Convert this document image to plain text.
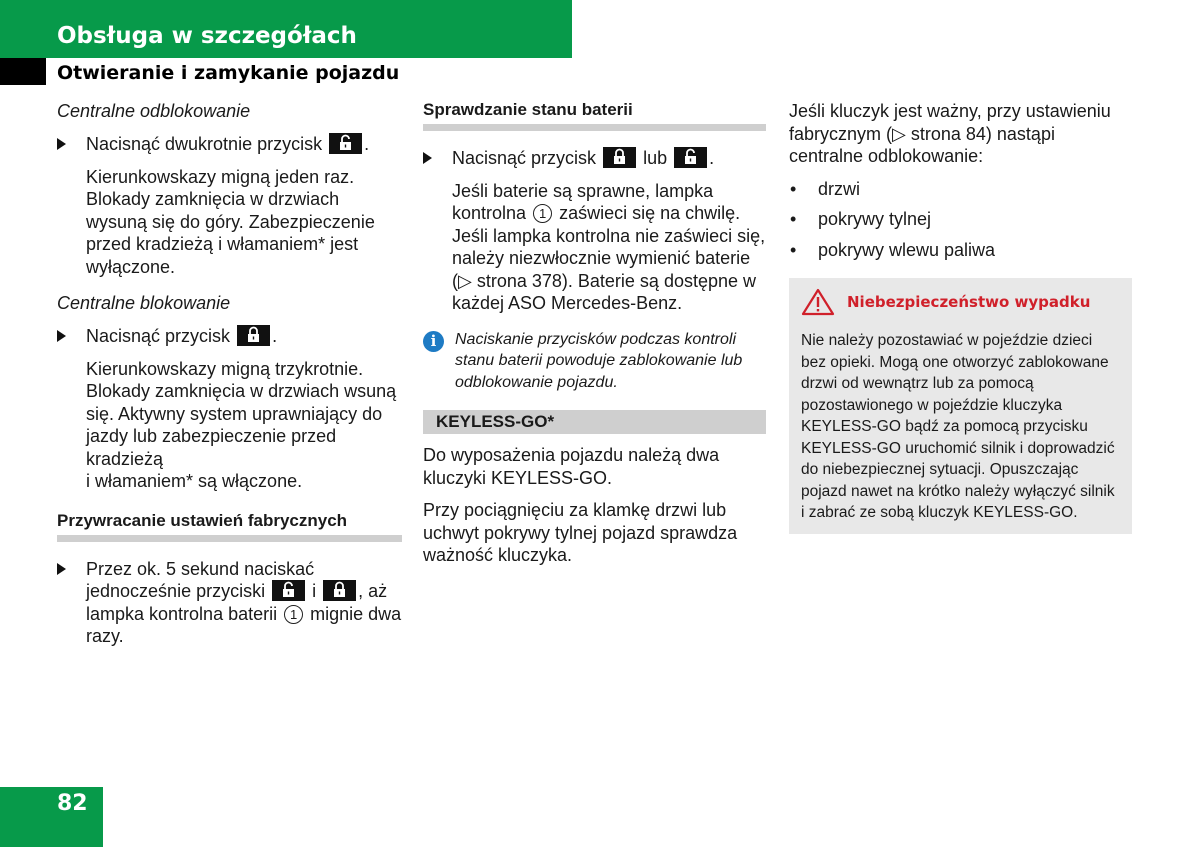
Obsługa w szczegółach
Otwieranie i zamykanie pojazdu
Centralne odblokowanie
Nacisnąć dwukrotnie przycisk .
Kierunkowskazy migną jeden raz. Blokady zamknięcia w drzwiach wysuną się do góry. Zabezpieczenie przed kradzieżą i włamaniem* jest wyłączone.
Centralne blokowanie
Nacisnąć przycisk .
Kierunkowskazy migną trzykrotnie. Blokady zamknięcia w drzwiach wsuną się. Aktywny system uprawniający do jazdy lub zabezpieczenie przed kradzieżą
i włamaniem* są włączone.
Przywracanie ustawień fabrycznych
Przez ok. 5 sekund naciskać jednocześnie przyciski	i , aż lampka kontrolna baterii 1 mignie dwa razy.
Sprawdzanie stanu baterii
Nacisnąć przycisk	lub .
Jeśli baterie są sprawne, lampka kontrolna 1 zaświeci się na chwilę. Jeśli lampka kontrolna nie zaświeci się, należy niezwłocznie wymienić baterie (▷ strona 378). Baterie są dostępne w każdej ASO Mercedes-Benz.
i	Naciskanie przycisków podczas kontroli stanu baterii powoduje zablokowanie lub odblokowanie pojazdu.
KEYLESS-GO*
Do wyposażenia pojazdu należą dwa kluczyki KEYLESS-GO.
Przy pociągnięciu za klamkę drzwi lub uchwyt pokrywy tylnej pojazd sprawdza ważność kluczyka.
Jeśli kluczyk jest ważny, przy ustawieniu fabrycznym (▷ strona 84) nastąpi centralne odblokowanie:
• drzwi
• pokrywy tylnej
• pokrywy wlewu paliwa
Niebezpieczeństwo wypadku
Nie należy pozostawiać w pojeździe dzieci bez opieki. Mogą one otworzyć zablokowane drzwi od wewnątrz lub za pomocą pozostawionego w pojeździe kluczyka KEYLESS-GO bądź za pomocą przycisku KEYLESS-GO uruchomić silnik i doprowadzić do niebezpiecznej sytuacji. Opuszczając pojazd nawet na krótko należy wyłączyć silnik i zabrać ze sobą kluczyk KEYLESS-GO.
82
